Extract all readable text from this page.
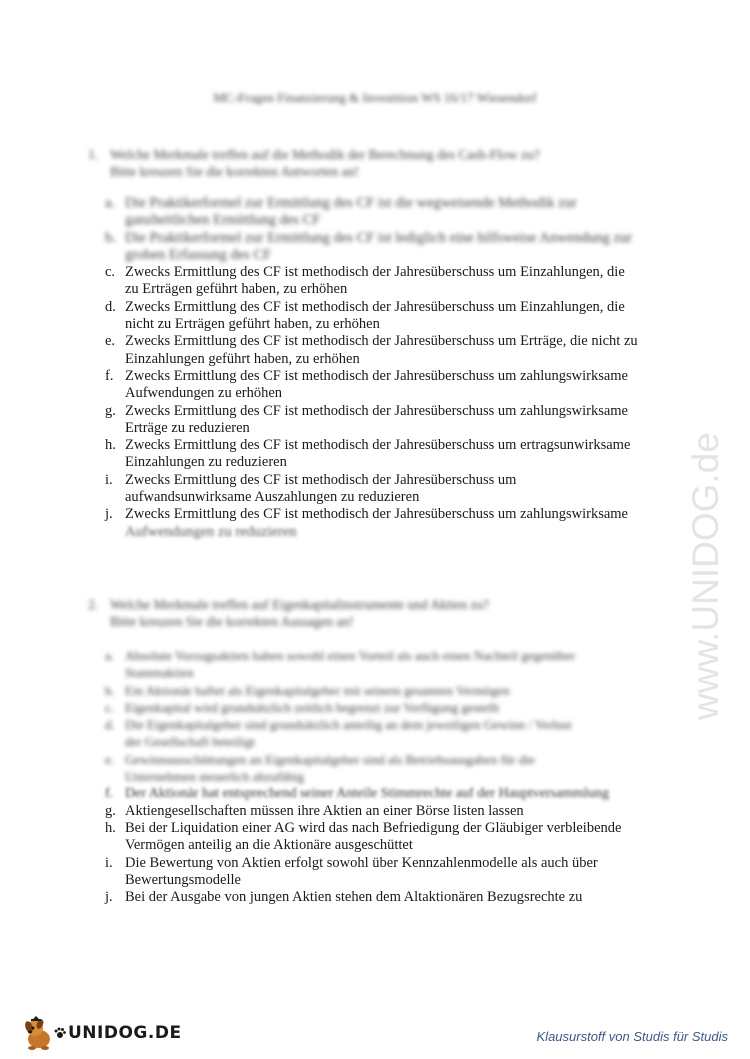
MC-Fragen Finanzierung & Investition WS 16/17 Wiesendorf
1. Welche Merkmale treffen auf die Methodik der Berechnung des Cash-Flow zu?
Bitte kreuzen Sie die korrekten Antworten an!
a. Die Praktikerformel zur Ermittlung des CF ist die wegweisende Methodik zur
ganzheitlichen Ermittlung des CF
b. Die Praktikerformel zur Ermittlung des CF ist lediglich eine hilfsweise Anwendung zur
groben Erfassung des CF
c. Zwecks Ermittlung des CF ist methodisch der Jahresüberschuss um Einzahlungen, die
zu Erträgen geführt haben, zu erhöhen
d. Zwecks Ermittlung des CF ist methodisch der Jahresüberschuss um Einzahlungen, die
nicht zu Erträgen geführt haben, zu erhöhen
e. Zwecks Ermittlung des CF ist methodisch der Jahresüberschuss um Erträge, die nicht zu
Einzahlungen geführt haben, zu erhöhen
f. Zwecks Ermittlung des CF ist methodisch der Jahresüberschuss um zahlungswirksame
Aufwendungen zu erhöhen
g. Zwecks Ermittlung des CF ist methodisch der Jahresüberschuss um zahlungswirksame
Erträge zu reduzieren
h. Zwecks Ermittlung des CF ist methodisch der Jahresüberschuss um ertragsunwirksame
Einzahlungen zu reduzieren
i. Zwecks Ermittlung des CF ist methodisch der Jahresüberschuss um
aufwandsunwirksame Auszahlungen zu reduzieren
j. Zwecks Ermittlung des CF ist methodisch der Jahresüberschuss um zahlungswirksame
Aufwendungen zu reduzieren
2. Welche Merkmale treffen auf Eigenkapitalinstrumente und Aktien zu?
Bitte kreuzen Sie die korrekten Aussagen an!
a. Absolute Vorzugsaktien haben sowohl einen Vorteil als auch einen Nachteil gegenüber
Stammaktien
b. Ein Aktionär haftet als Eigenkapitalgeber mit seinem gesamten Vermögen
c. Eigenkapital wird grundsätzlich zeitlich begrenzt zur Verfügung gestellt
d. Die Eigenkapitalgeber sind grundsätzlich anteilig an dem jeweiligen Gewinn / Verlust
der Gesellschaft beteiligt
e. Gewinnausschüttungen an Eigenkapitalgeber sind als Betriebsausgaben für die
Unternehmen steuerlich abzufähig
f. Der Aktionär hat entsprechend seiner Anteile Stimmrechte auf der Hauptversammlung
g. Aktiengesellschaften müssen ihre Aktien an einer Börse listen lassen
h. Bei der Liquidation einer AG wird das nach Befriedigung der Gläubiger verbleibende
Vermögen anteilig an die Aktionäre ausgeschüttet
i. Die Bewertung von Aktien erfolgt sowohl über Kennzahlenmodelle als auch über
Bewertungsmodelle
j. Bei der Ausgabe von jungen Aktien stehen dem Altaktionären Bezugsrechte zu
www.UNIDOG.de
UNIDOG.DE	Klausurstoff von Studis für Studis
